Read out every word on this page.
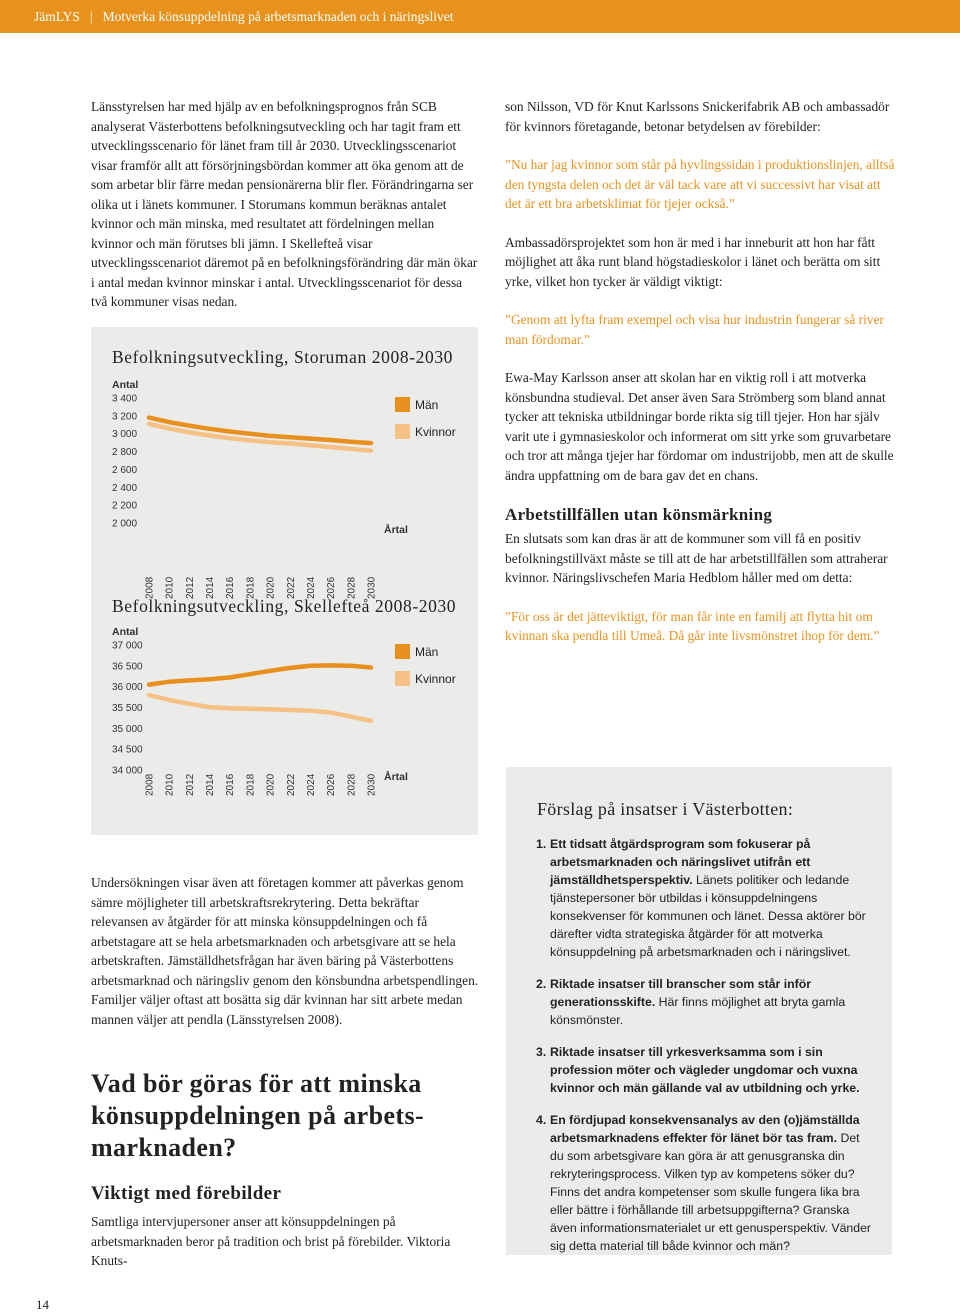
JämLYS | Motverka könsuppdelning på arbetsmarknaden och i näringslivet

Länsstyrelsen har med hjälp av en befolkningsprognos från SCB analyserat Västerbottens befolkningsutveckling och har tagit fram ett utvecklingsscenario för länet fram till år 2030. Utvecklingsscenariot visar framför allt att försörjningsbördan kommer att öka genom att de som arbetar blir färre medan pensionärerna blir fler. Förändringarna ser olika ut i länets kommuner. I Storumans kommun beräknas antalet kvinnor och män minska, med resultatet att fördelningen mellan kvinnor och män förutses bli jämn. I Skellefteå visar utvecklingsscenariot däremot på en befolkningsförändring där män ökar i antal medan kvinnor minskar i antal. Utvecklingsscenariot för dessa två kommuner visas nedan.

Befolkningsutveckling, Storuman 2008-2030
Antal
3 400
3 200
3 000
2 800
2 600
2 400
2 200
2 000
2008 2010 2012 2014 2016 2018 2020 2022 2024 2026 2028 2030
Årtal
Män
Kvinnor
Befolkningsutveckling, Skellefteå 2008-2030
Antal
37 000
36 500
36 000
35 500
35 000
34 500
34 000
2008 2010 2012 2014 2016 2018 2020 2022 2024 2026 2028 2030 Årtal
Män
Kvinnor

Undersökningen visar även att företagen kommer att påverkas genom sämre möjligheter till arbetskraftsrekrytering. Detta bekräftar relevansen av åtgärder för att minska könsuppdelningen och få arbetstagare att se hela arbetsmarknaden och arbetsgivare att se hela arbetskraften. Jämställdhetsfrågan har även bäring på Västerbottens arbetsmarknad och näringsliv genom den könsbundna arbetspendlingen. Familjer väljer oftast att bosätta sig där kvinnan har sitt arbete medan mannen väljer att pendla (Länsstyrelsen 2008).

Vad bör göras för att minska könsuppdelningen på arbetsmarknaden?
Viktigt med förebilder

Samtliga intervjupersoner anser att könsuppdelningen på arbetsmarknaden beror på tradition och brist på förebilder. Viktoria Knuts-

son Nilsson, VD för Knut Karlssons Snickerifabrik AB och ambassadör för kvinnors företagande, betonar betydelsen av förebilder:

”Nu har jag kvinnor som står på hyvlingssidan i produktionslinjen, alltså den tyngsta delen och det är väl tack vare att vi successivt har visat att det är ett bra arbetsklimat för tjejer också.”

Ambassadörsprojektet som hon är med i har inneburit att hon har fått möjlighet att åka runt bland högstadieskolor i länet och berätta om sitt yrke, vilket hon tycker är väldigt viktigt:

”Genom att lyfta fram exempel och visa hur industrin fungerar så river man fördomar.”

Ewa-May Karlsson anser att skolan har en viktig roll i att motverka könsbundna studieval. Det anser även Sara Strömberg som bland annat tycker att tekniska utbildningar borde rikta sig till tjejer. Hon har själv varit ute i gymnasieskolor och informerat om sitt yrke som gruvarbetare och tror att många tjejer har fördomar om industrijobb, men att de skulle ändra uppfattning om de bara gav det en chans.

Arbetstillfällen utan könsmärkning

En slutsats som kan dras är att de kommuner som vill få en positiv befolkningstillväxt måste se till att de har arbetstillfällen som attraherar kvinnor. Näringslivschefen Maria Hedblom håller med om detta:

”För oss är det jätteviktigt, för man får inte en familj att flytta hit om kvinnan ska pendla till Umeå. Då går inte livsmönstret ihop för dem.”

Förslag på insatser i Västerbotten:
1. Ett tidsatt åtgärdsprogram som fokuserar på arbetsmarknaden och näringslivet utifrån ett jämställdhetsperspektiv. Länets politiker och ledande tjänstepersoner bör utbildas i könsuppdelningens konsekvenser för kommunen och länet. Dessa aktörer bör därefter vidta strategiska åtgärder för att motverka könsuppdelning på arbetsmarknaden och i näringslivet.
2. Riktade insatser till branscher som står inför generationsskifte. Här finns möjlighet att bryta gamla könsmönster.
3. Riktade insatser till yrkesverksamma som i sin profession möter och vägleder ungdomar och vuxna kvinnor och män gällande val av utbildning och yrke.
4. En fördjupad konsekvensanalys av den (o)jämställda arbetsmarknadens effekter för länet bör tas fram. Det du som arbetsgivare kan göra är att genusgranska din rekryteringsprocess. Vilken typ av kompetens söker du? Finns det andra kompetenser som skulle fungera lika bra eller bättre i förhållande till arbetsuppgifterna? Granska även informationsmaterialet ur ett genusperspektiv. Vänder sig detta material till både kvinnor och män?
14
